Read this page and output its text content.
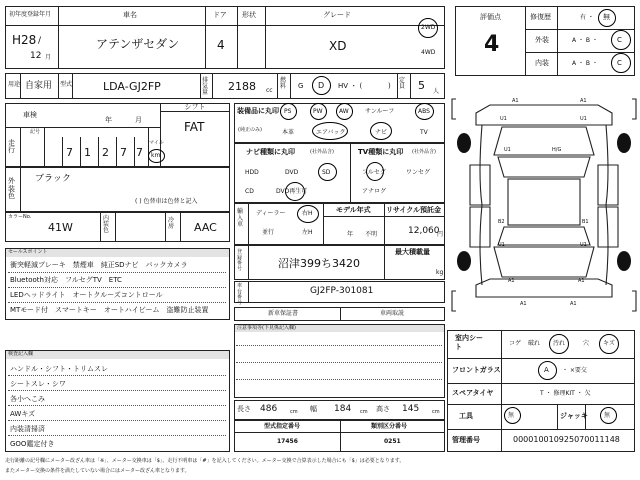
初年度登録年月
H28 /
12 月
車名
アテンザセダン
ドア
4
形状	グレード
XD
2WD
4WD
評価点
4
修復歴	有 ・ 無
外装	A ・ B ・	C
内装	A ・ B ・	C
用途 自家用 型式	LDA-GJ2FP	排気量 2188 cc
燃料 G D HV ・ (	)
定員 5 人
シフト
FAT
車検
年	月
走行
記号
7 1 2 7 7
マイル
km
外装色
ブラック
( ) 色替車は色替と記入
カラーNo.
41W
内装色
冷房 AAC
セールスポイント
衝突軽減ブレーキ　禁煙車　純正SDナビ　バックカメラ
Bluetooth対応　フルセグTV　ETC
LEDヘッドライト　オートクルーズコントロール
MTモード付　スマートキー　オートハイビーム　盗難防止装置
検査記入欄
ハンドル・シフト・トリムスレ
シートスレ・シワ
各小へこみ
AWキズ
内装清掃済
GOO鑑定付き
装備品に丸印
(純正のみ)
PS	PW	AW	サンルーフ	ABS
本革	エアバック	ナビ	TV
ナビ種類に丸印	(社外品含)	TV種類に丸印 (社外品含)
HDD	DVD	SD
CD	DVD再生可
フルセグ	ワンセグ
アナログ
輸入車
ディーラー	右H
並行	左H
モデル年式
年 不明
リサイクル預託金
12,060
円
登録番号	沼津399ち3420
最大積載量
kg
車台番号
GJ2FP-301081
新車保証書	車両取説
注意事項等(下見係記入欄)
長さ 486	cm 幅 184 cm 高さ 145	cm
型式指定番号
17456
類別区分番号
0251
A1	A1
U1
U1
U1
B2	B1
U1
A1	A1
U1
A1	A1
H/G
室内シート	コゲ 破れ 汚れ	穴 キズ
フロントガラス	A ・ ×要交
スペアタイヤ	T ・ 修理KIT ・ 欠
工具	無	ジャッキ	無
管理番号	000010010925070011148
走行距離の記号欄にメーター改ざん車は「※」、メーター交換車は「$」、走行不明車は「#」を記入してください。メーター交換で合算表示した場合にも「$」は必要となります。
またメーター交換の条件を満たしていない場合にはメーター改ざん車となります。
